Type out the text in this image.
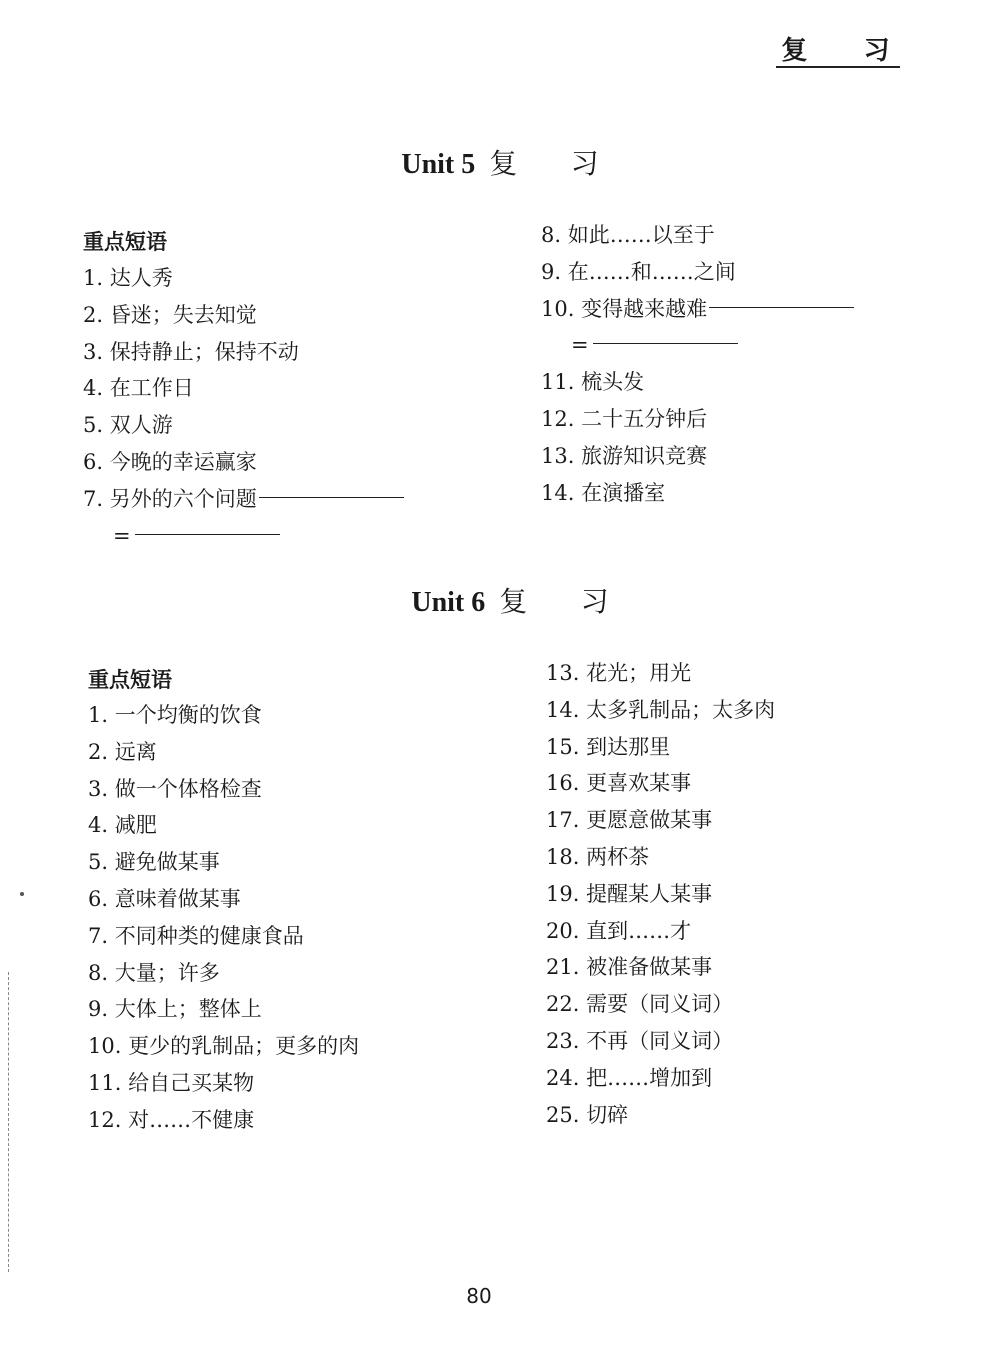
复    习
Unit 5 复      习
重点短语
1. 达人秀
2. 昏迷；失去知觉
3. 保持静止；保持不动
4. 在工作日
5. 双人游
6. 今晚的幸运赢家
7. 另外的六个问题
=
8. 如此……以至于
9. 在……和……之间
10. 变得越来越难
=
11. 梳头发
12. 二十五分钟后
13. 旅游知识竞赛
14. 在演播室
Unit 6 复      习
重点短语
1. 一个均衡的饮食
2. 远离
3. 做一个体格检查
4. 减肥
5. 避免做某事
6. 意味着做某事
7. 不同种类的健康食品
8. 大量；许多
9. 大体上；整体上
10. 更少的乳制品；更多的肉
11. 给自己买某物
12. 对……不健康
13. 花光；用光
14. 太多乳制品；太多肉
15. 到达那里
16. 更喜欢某事
17. 更愿意做某事
18. 两杯茶
19. 提醒某人某事
20. 直到……才
21. 被准备做某事
22. 需要（同义词）
23. 不再（同义词）
24. 把……增加到
25. 切碎
80
